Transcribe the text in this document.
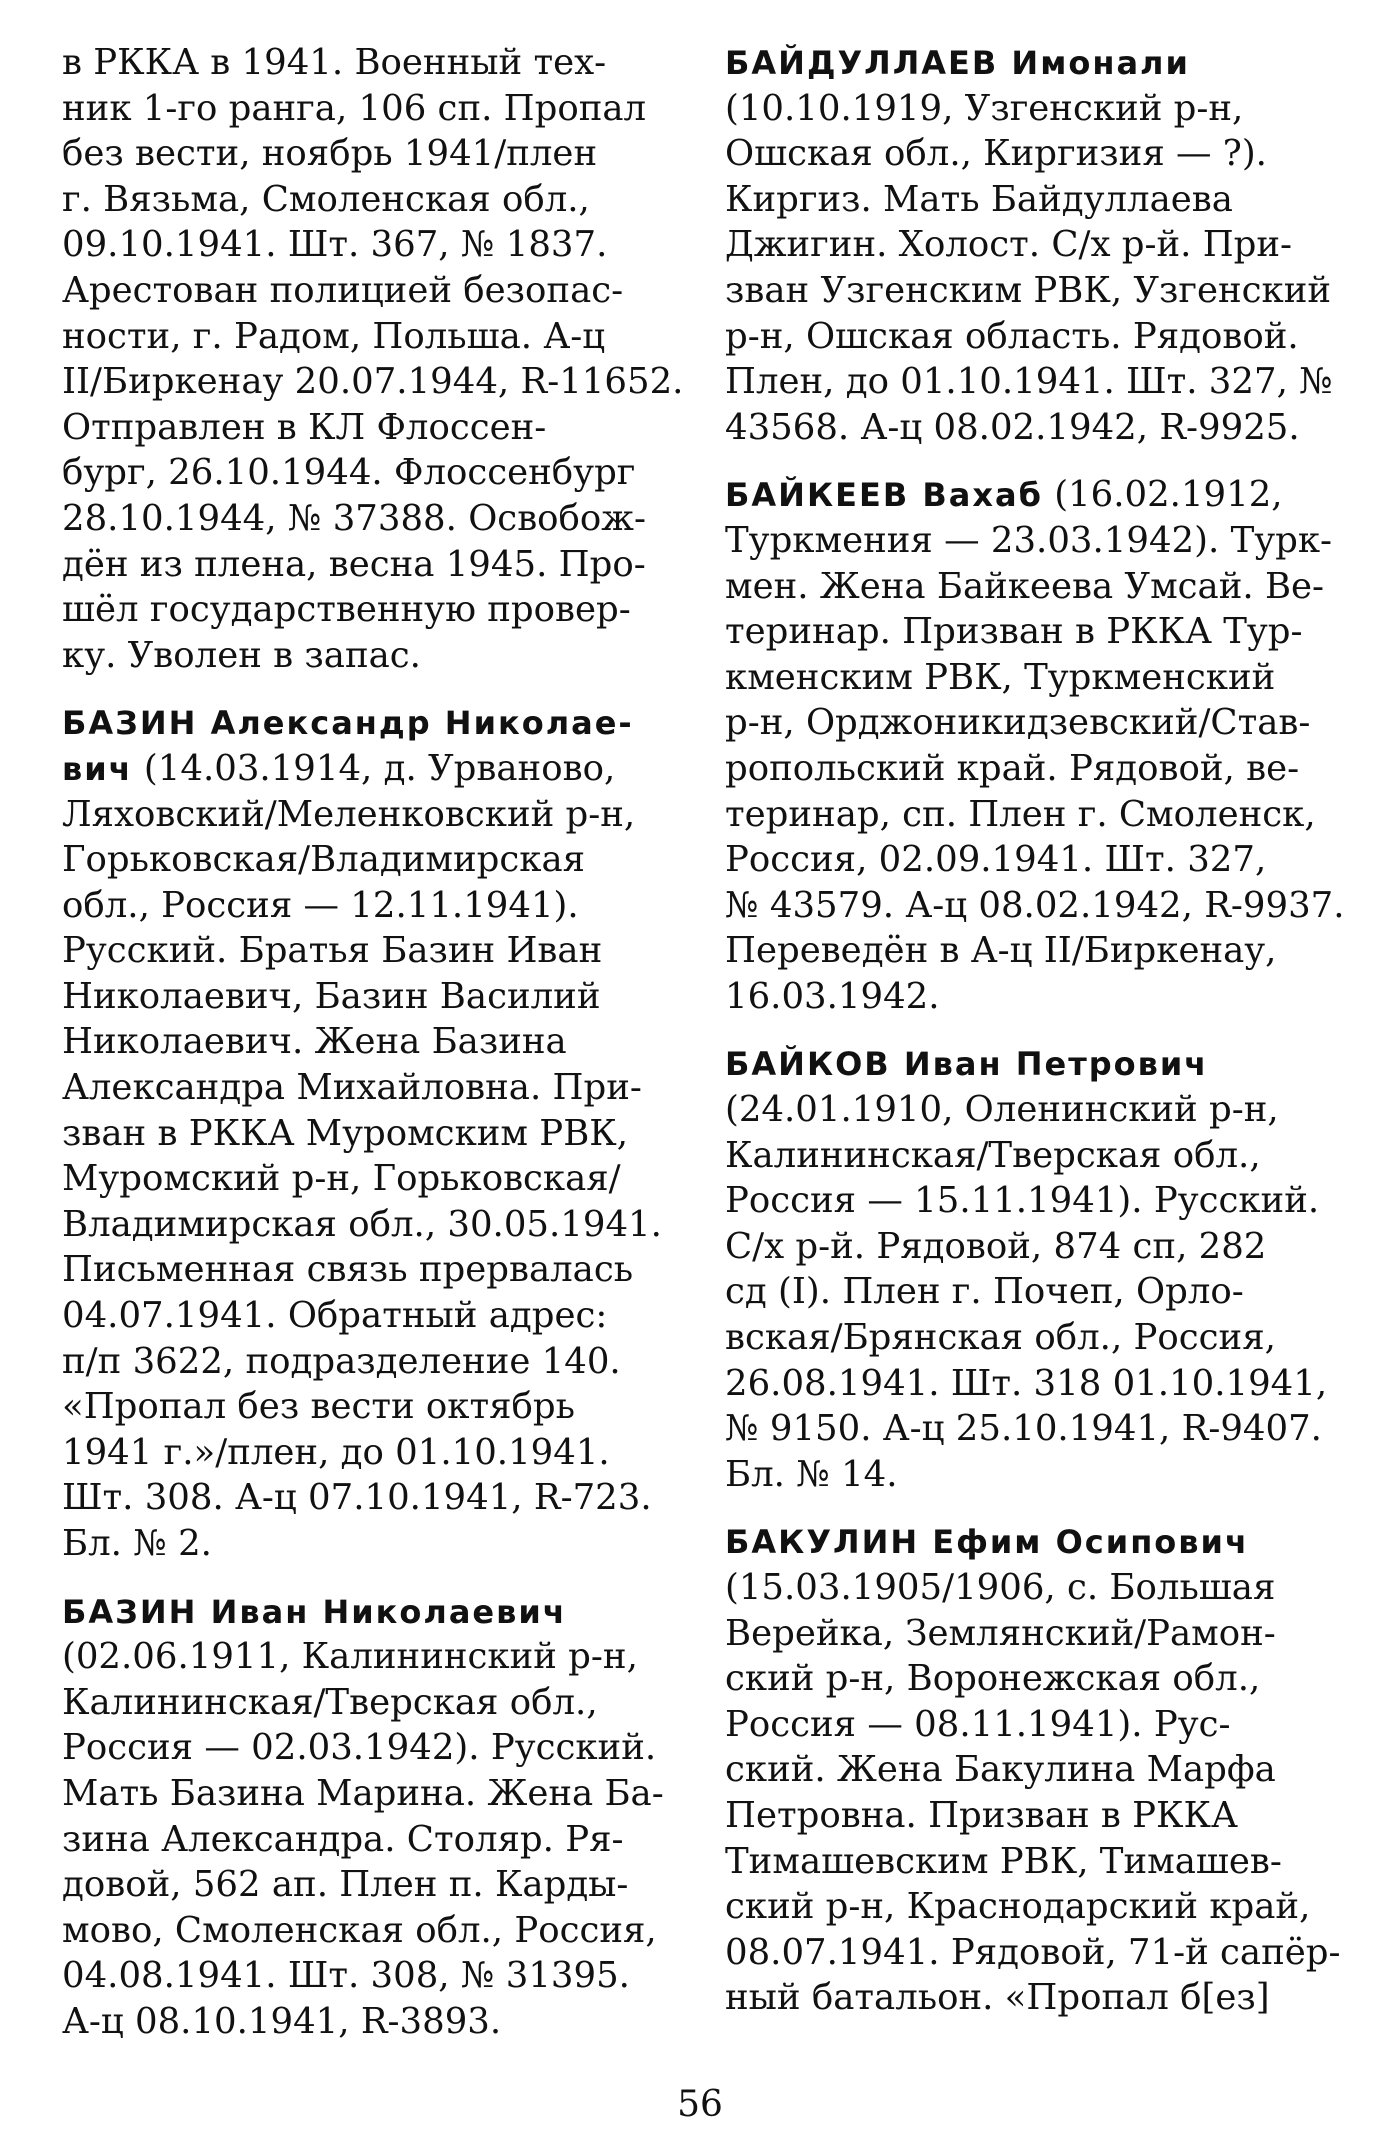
в РККА в 1941. Военный тех-
ник 1-го ранга, 106 сп. Пропал
без вести, ноябрь 1941/плен
г. Вязьма, Смоленская обл.,
09.10.1941. Шт. 367, № 1837.
Арестован полицией безопас-
ности, г. Радом, Польша. А-ц
II/Биркенау 20.07.1944, R-11652.
Отправлен в КЛ Флоссен-
бург, 26.10.1944. Флоссенбург
28.10.1944, № 37388. Освобож-
дён из плена, весна 1945. Про-
шёл государственную провер-
ку. Уволен в запас.
БАЗИН Александр Николае-
вич (14.03.1914, д. Урваново,
Ляховский/Меленковский р-н,
Горьковская/Владимирская
обл., Россия — 12.11.1941).
Русский. Братья Базин Иван
Николаевич, Базин Василий
Николаевич. Жена Базина
Александра Михайловна. При-
зван в РККА Муромским РВК,
Муромский р-н, Горьковская/
Владимирская обл., 30.05.1941.
Письменная связь прервалась
04.07.1941. Обратный адрес:
п/п 3622, подразделение 140.
«Пропал без вести октябрь
1941 г.»/плен, до 01.10.1941.
Шт. 308. А-ц 07.10.1941, R-723.
Бл. № 2.
БАЗИН Иван Николаевич
(02.06.1911, Калининский р-н,
Калининская/Тверская обл.,
Россия — 02.03.1942). Русский.
Мать Базина Марина. Жена Ба-
зина Александра. Столяр. Ря-
довой, 562 ап. Плен п. Карды-
мово, Смоленская обл., Россия,
04.08.1941. Шт. 308, № 31395.
А-ц 08.10.1941, R-3893.
БАЙДУЛЛАЕВ Имонали
(10.10.1919, Узгенский р-н,
Ошская обл., Киргизия — ?).
Киргиз. Мать Байдуллаева
Джигин. Холост. С/х р-й. При-
зван Узгенским РВК, Узгенский
р-н, Ошская область. Рядовой.
Плен, до 01.10.1941. Шт. 327, №
43568. А-ц 08.02.1942, R-9925.
БАЙКЕЕВ Вахаб (16.02.1912,
Туркмения — 23.03.1942). Турк-
мен. Жена Байкеева Умсай. Ве-
теринар. Призван в РККА Тур-
кменским РВК, Туркменский
р-н, Орджоникидзевский/Став-
ропольский край. Рядовой, ве-
теринар, сп. Плен г. Смоленск,
Россия, 02.09.1941. Шт. 327,
№ 43579. А-ц 08.02.1942, R-9937.
Переведён в А-ц II/Биркенау,
16.03.1942.
БАЙКОВ Иван Петрович
(24.01.1910, Оленинский р-н,
Калининская/Тверская обл.,
Россия — 15.11.1941). Русский.
С/х р-й. Рядовой, 874 сп, 282
сд (I). Плен г. Почеп, Орло-
вская/Брянская обл., Россия,
26.08.1941. Шт. 318 01.10.1941,
№ 9150. А-ц 25.10.1941, R-9407.
Бл. № 14.
БАКУЛИН Ефим Осипович
(15.03.1905/1906, с. Большая
Верейка, Землянский/Рамон-
ский р-н, Воронежская обл.,
Россия — 08.11.1941). Рус-
ский. Жена Бакулина Марфа
Петровна. Призван в РККА
Тимашевским РВК, Тимашев-
ский р-н, Краснодарский край,
08.07.1941. Рядовой, 71-й сапёр-
ный батальон. «Пропал б[ез]
56
